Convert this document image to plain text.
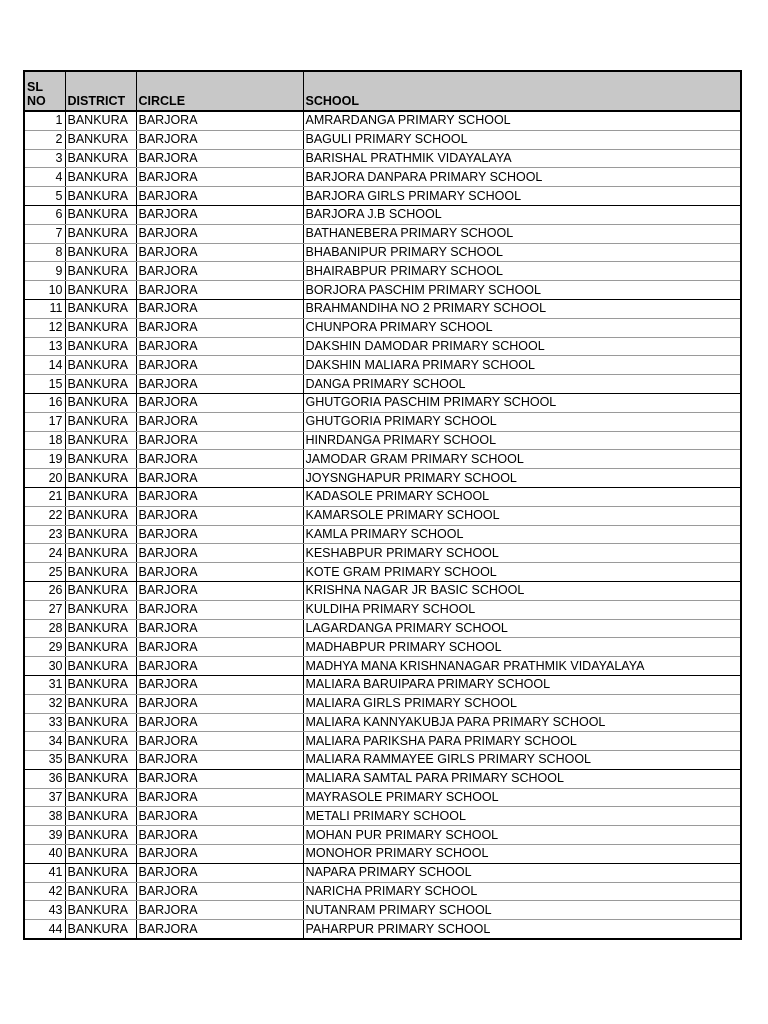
SL
NO	DISTRICT	CIRCLE	SCHOOL
1	BANKURA	BARJORA	AMRARDANGA PRIMARY SCHOOL
2	BANKURA	BARJORA	BAGULI PRIMARY SCHOOL
3	BANKURA	BARJORA	BARISHAL PRATHMIK VIDAYALAYA
4	BANKURA	BARJORA	BARJORA DANPARA PRIMARY SCHOOL
5	BANKURA	BARJORA	BARJORA GIRLS PRIMARY SCHOOL
6	BANKURA	BARJORA	BARJORA J.B SCHOOL
7	BANKURA	BARJORA	BATHANEBERA PRIMARY SCHOOL
8	BANKURA	BARJORA	BHABANIPUR PRIMARY SCHOOL
9	BANKURA	BARJORA	BHAIRABPUR PRIMARY SCHOOL
10	BANKURA	BARJORA	BORJORA PASCHIM PRIMARY SCHOOL
11	BANKURA	BARJORA	BRAHMANDIHA NO 2 PRIMARY SCHOOL
12	BANKURA	BARJORA	CHUNPORA PRIMARY SCHOOL
13	BANKURA	BARJORA	DAKSHIN DAMODAR PRIMARY SCHOOL
14	BANKURA	BARJORA	DAKSHIN MALIARA PRIMARY SCHOOL
15	BANKURA	BARJORA	DANGA PRIMARY SCHOOL
16	BANKURA	BARJORA	GHUTGORIA PASCHIM PRIMARY SCHOOL
17	BANKURA	BARJORA	GHUTGORIA PRIMARY SCHOOL
18	BANKURA	BARJORA	HINRDANGA PRIMARY SCHOOL
19	BANKURA	BARJORA	JAMODAR GRAM PRIMARY SCHOOL
20	BANKURA	BARJORA	JOYSNGHAPUR PRIMARY SCHOOL
21	BANKURA	BARJORA	KADASOLE PRIMARY SCHOOL
22	BANKURA	BARJORA	KAMARSOLE PRIMARY SCHOOL
23	BANKURA	BARJORA	KAMLA PRIMARY SCHOOL
24	BANKURA	BARJORA	KESHABPUR PRIMARY SCHOOL
25	BANKURA	BARJORA	KOTE GRAM PRIMARY SCHOOL
26	BANKURA	BARJORA	KRISHNA NAGAR JR BASIC SCHOOL
27	BANKURA	BARJORA	KULDIHA PRIMARY SCHOOL
28	BANKURA	BARJORA	LAGARDANGA PRIMARY SCHOOL
29	BANKURA	BARJORA	MADHABPUR PRIMARY SCHOOL
30	BANKURA	BARJORA	MADHYA MANA KRISHNANAGAR PRATHMIK VIDAYALAYA
31	BANKURA	BARJORA	MALIARA BARUIPARA PRIMARY SCHOOL
32	BANKURA	BARJORA	MALIARA GIRLS PRIMARY SCHOOL
33	BANKURA	BARJORA	MALIARA KANNYAKUBJA PARA PRIMARY SCHOOL
34	BANKURA	BARJORA	MALIARA PARIKSHA PARA PRIMARY SCHOOL
35	BANKURA	BARJORA	MALIARA RAMMAYEE GIRLS PRIMARY SCHOOL
36	BANKURA	BARJORA	MALIARA SAMTAL PARA PRIMARY SCHOOL
37	BANKURA	BARJORA	MAYRASOLE PRIMARY SCHOOL
38	BANKURA	BARJORA	METALI PRIMARY SCHOOL
39	BANKURA	BARJORA	MOHAN PUR PRIMARY SCHOOL
40	BANKURA	BARJORA	MONOHOR PRIMARY SCHOOL
41	BANKURA	BARJORA	NAPARA PRIMARY SCHOOL
42	BANKURA	BARJORA	NARICHA PRIMARY SCHOOL
43	BANKURA	BARJORA	NUTANRAM PRIMARY SCHOOL
44	BANKURA	BARJORA	PAHARPUR PRIMARY SCHOOL
